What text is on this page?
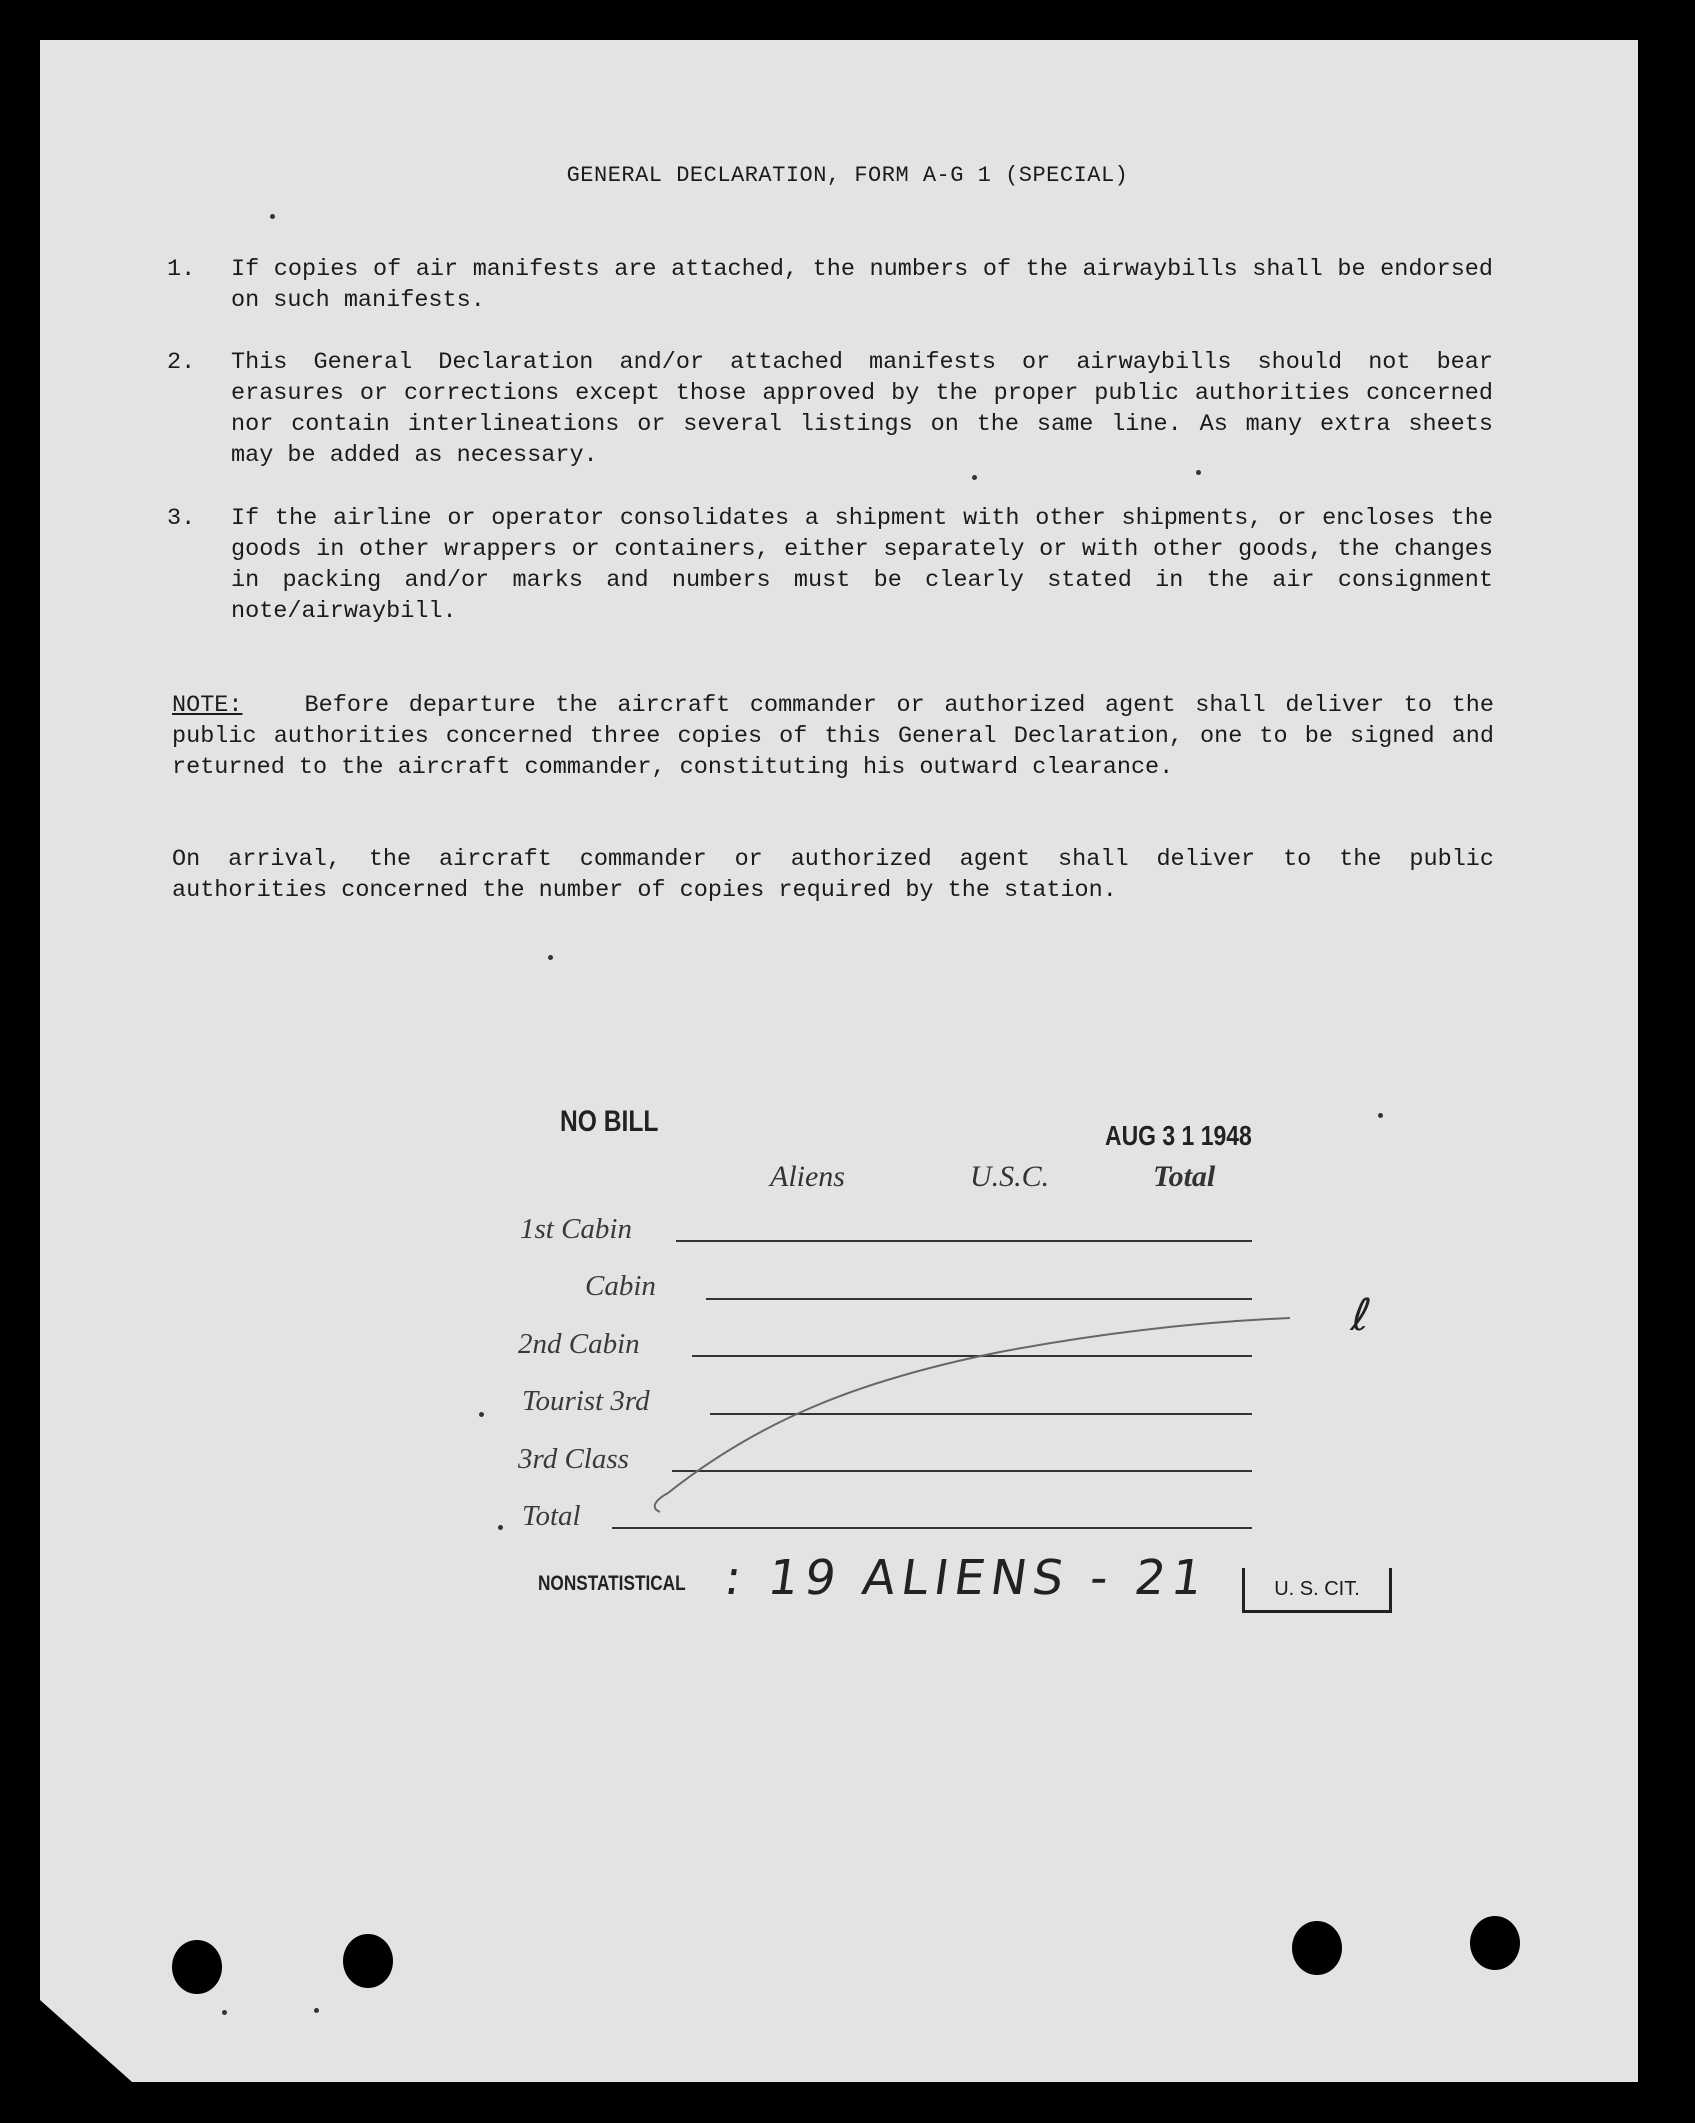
GENERAL DECLARATION, FORM A-G 1 (SPECIAL)
1. If copies of air manifests are attached, the numbers of the airwaybills shall be endorsed on such manifests.
2. This General Declaration and/or attached manifests or airwaybills should not bear erasures or corrections except those approved by the proper public authorities concerned nor contain interlineations or several listings on the same line. As many extra sheets may be added as necessary.
3. If the airline or operator consolidates a shipment with other shipments, or encloses the goods in other wrappers or containers, either separately or with other goods, the changes in packing and/or marks and numbers must be clearly stated in the air consignment note/airwaybill.
NOTE:	Before departure the aircraft commander or authorized agent shall deliver to the public authorities concerned three copies of this General Declaration, one to be signed and returned to the aircraft commander, constituting his outward clearance.
On arrival, the aircraft commander or authorized agent shall deliver to the public authorities concerned the number of copies required by the station.
NO BILL	AUG 3 1 1948
Aliens	U.S.C.	Total
1st Cabin
Cabin
2nd Cabin
Tourist 3rd
3rd Class
Total
NONSTATISTICAL : 19 ALIENS - 21	U. S. CIT.
ℓ
